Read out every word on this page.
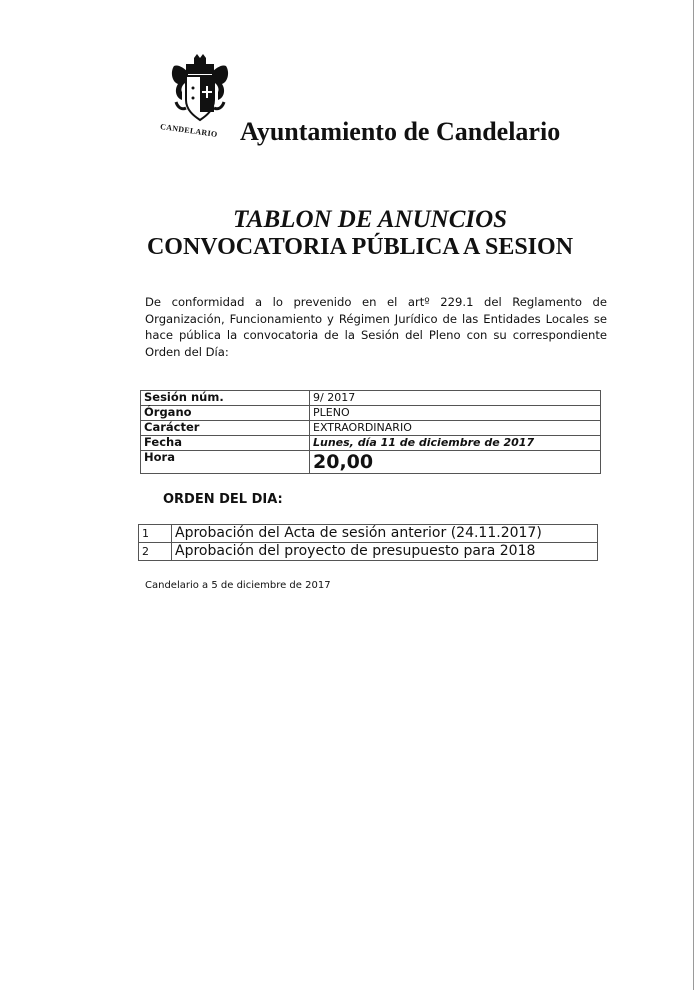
CANDELARIO Ayuntamiento de Candelario
TABLON DE ANUNCIOS
CONVOCATORIA PÚBLICA A SESION

De conformidad a lo prevenido en el artº 229.1 del Reglamento de Organización, Funcionamiento y Régimen Jurídico de las Entidades Locales se hace pública la convocatoria de la Sesión del Pleno con su correspondiente Orden del Día:

Sesión núm.	9/ 2017
Órgano	PLENO
Carácter	EXTRAORDINARIO
Fecha	Lunes, día 11 de diciembre de 2017
Hora	20,00
ORDEN DEL DIA:
1	Aprobación del Acta de sesión anterior (24.11.2017)
2	Aprobación del proyecto de presupuesto para 2018
Candelario a 5 de diciembre de 2017
